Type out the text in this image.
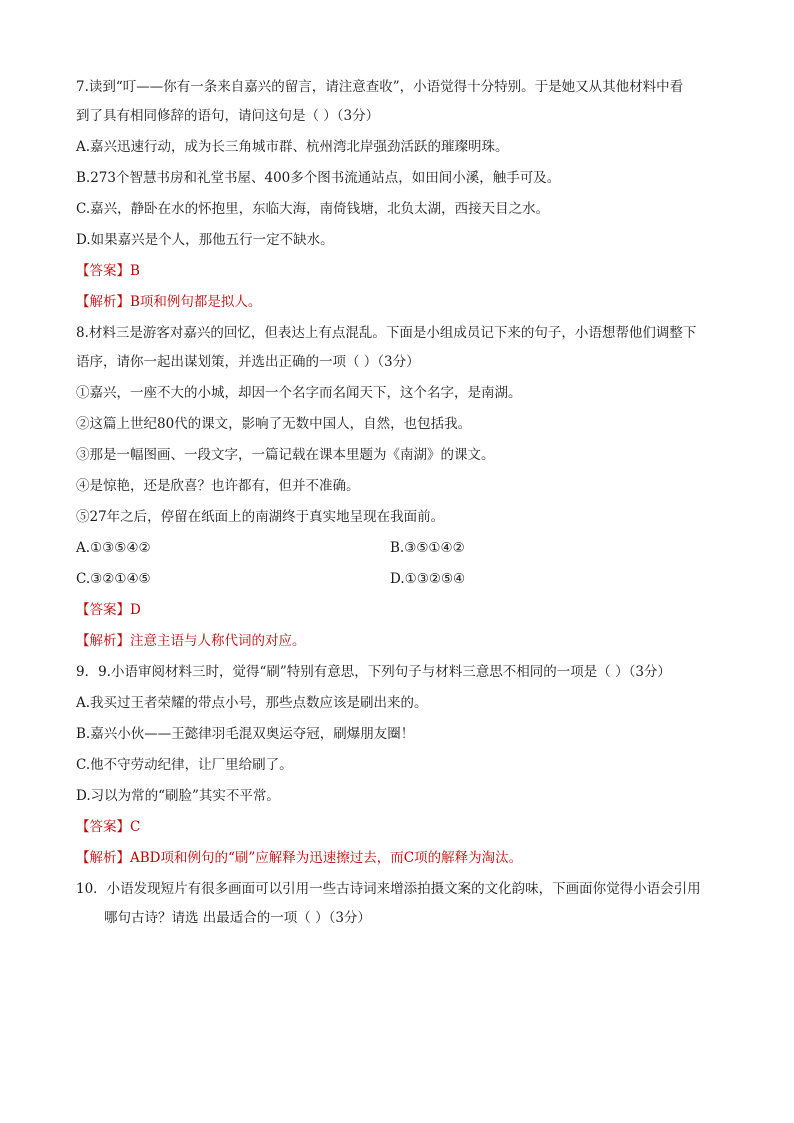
7.读到“叮——你有一条来自嘉兴的留言，请注意查收”，小语觉得十分特别。于是她又从其他材料中看

到了具有相同修辞的语句，请问这句是（ ）（3分）

A.嘉兴迅速行动，成为长三角城市群、杭州湾北岸强劲活跃的璀璨明珠。

B.273个智慧书房和礼堂书屋、400多个图书流通站点，如田间小溪，触手可及。

C.嘉兴，静卧在水的怀抱里，东临大海，南倚钱塘，北负太湖，西接天目之水。

D.如果嘉兴是个人，那他五行一定不缺水。

【答案】B

【解析】B项和例句都是拟人。

8.材料三是游客对嘉兴的回忆，但表达上有点混乱。下面是小组成员记下来的句子，小语想帮他们调整下

语序，请你一起出谋划策，并选出正确的一项（ ）（3分）

①嘉兴，一座不大的小城，却因一个名字而名闻天下，这个名字，是南湖。

②这篇上世纪80代的课文，影响了无数中国人，自然，也包括我。

③那是一幅图画、一段文字，一篇记载在课本里题为《南湖》的课文。

④是惊艳，还是欣喜？也许都有，但并不准确。

⑤27年之后，停留在纸面上的南湖终于真实地呈现在我面前。

A.①③⑤④②	B.③⑤①④②
C.③②①④⑤	D.①③②⑤④

【答案】D

【解析】注意主语与人称代词的对应。

9．9.小语审阅材料三时，觉得“刷”特别有意思，下列句子与材料三意思不相同的一项是（ ）（3分）

A.我买过王者荣耀的带点小号，那些点数应该是刷出来的。

B.嘉兴小伙——王懿律羽毛混双奥运夺冠，刷爆朋友圈！

C.他不守劳动纪律，让厂里给刷了。

D.习以为常的“刷脸”其实不平常。

【答案】C

【解析】ABD项和例句的“刷”应解释为迅速擦过去，而C项的解释为淘汰。

10．小语发现短片有很多画面可以引用一些古诗词来增添拍摄文案的文化韵味，下画面你觉得小语会引用

哪句古诗？请选 出最适合的一项（ ）（3分）
